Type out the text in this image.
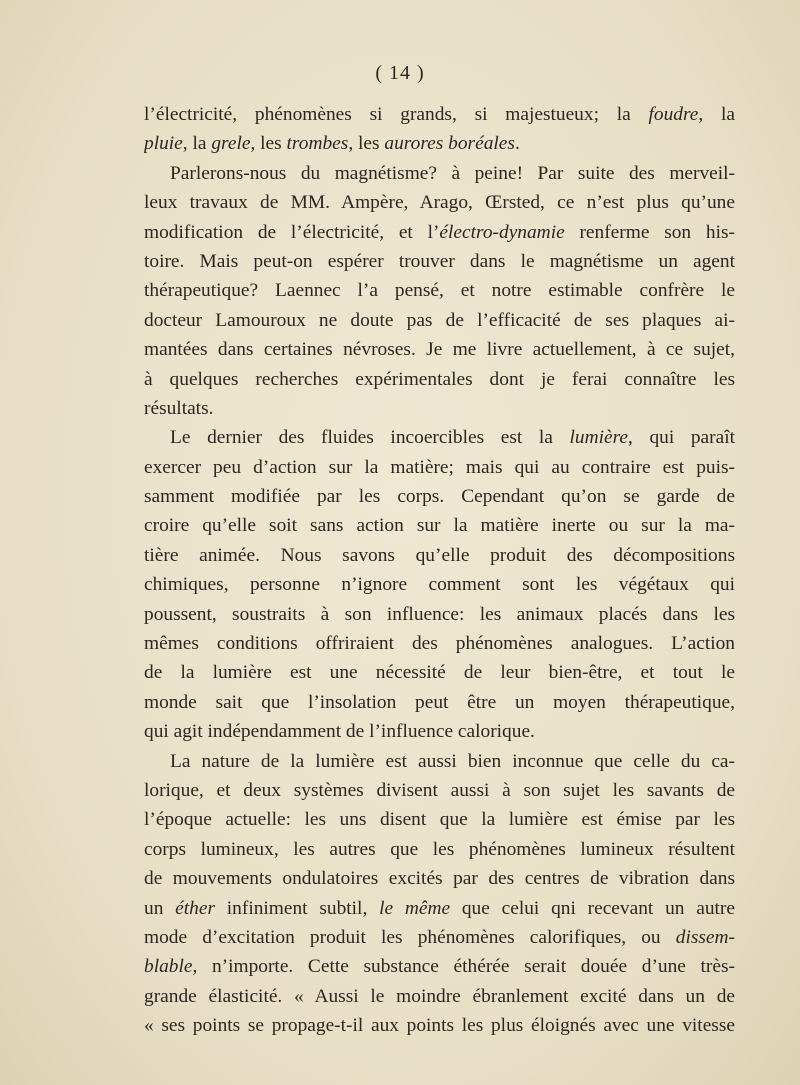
( 14 )
l’électricité, phénomènes si grands, si majestueux; la foudre, la
pluie, la grele, les trombes, les aurores boréales.
Parlerons-nous du magnétisme? à peine! Par suite des merveil-
leux travaux de MM. Ampère, Arago, Œrsted, ce n’est plus qu’une
modification de l’électricité, et l’électro-dynamie renferme son his-
toire. Mais peut-on espérer trouver dans le magnétisme un agent
thérapeutique? Laennec l’a pensé, et notre estimable confrère le
docteur Lamouroux ne doute pas de l’efficacité de ses plaques ai-
mantées dans certaines névroses. Je me livre actuellement, à ce sujet,
à quelques recherches expérimentales dont je ferai connaître les
résultats.
Le dernier des fluides incoercibles est la lumière, qui paraît
exercer peu d’action sur la matière; mais qui au contraire est puis-
samment modifiée par les corps. Cependant qu’on se garde de
croire qu’elle soit sans action sur la matière inerte ou sur la ma-
tière animée. Nous savons qu’elle produit des décompositions
chimiques, personne n’ignore comment sont les végétaux qui
poussent, soustraits à son influence: les animaux placés dans les
mêmes conditions offriraient des phénomènes analogues. L’action
de la lumière est une nécessité de leur bien-être, et tout le
monde sait que l’insolation peut être un moyen thérapeutique,
qui agit indépendamment de l’influence calorique.
La nature de la lumière est aussi bien inconnue que celle du ca-
lorique, et deux systèmes divisent aussi à son sujet les savants de
l’époque actuelle: les uns disent que la lumière est émise par les
corps lumineux, les autres que les phénomènes lumineux résultent
de mouvements ondulatoires excités par des centres de vibration dans
un éther infiniment subtil, le même que celui qni recevant un autre
mode d’excitation produit les phénomènes calorifiques, ou dissem-
blable, n’importe. Cette substance éthérée serait douée d’une très-
grande élasticité. « Aussi le moindre ébranlement excité dans un de
« ses points se propage-t-il aux points les plus éloignés avec une vitesse
